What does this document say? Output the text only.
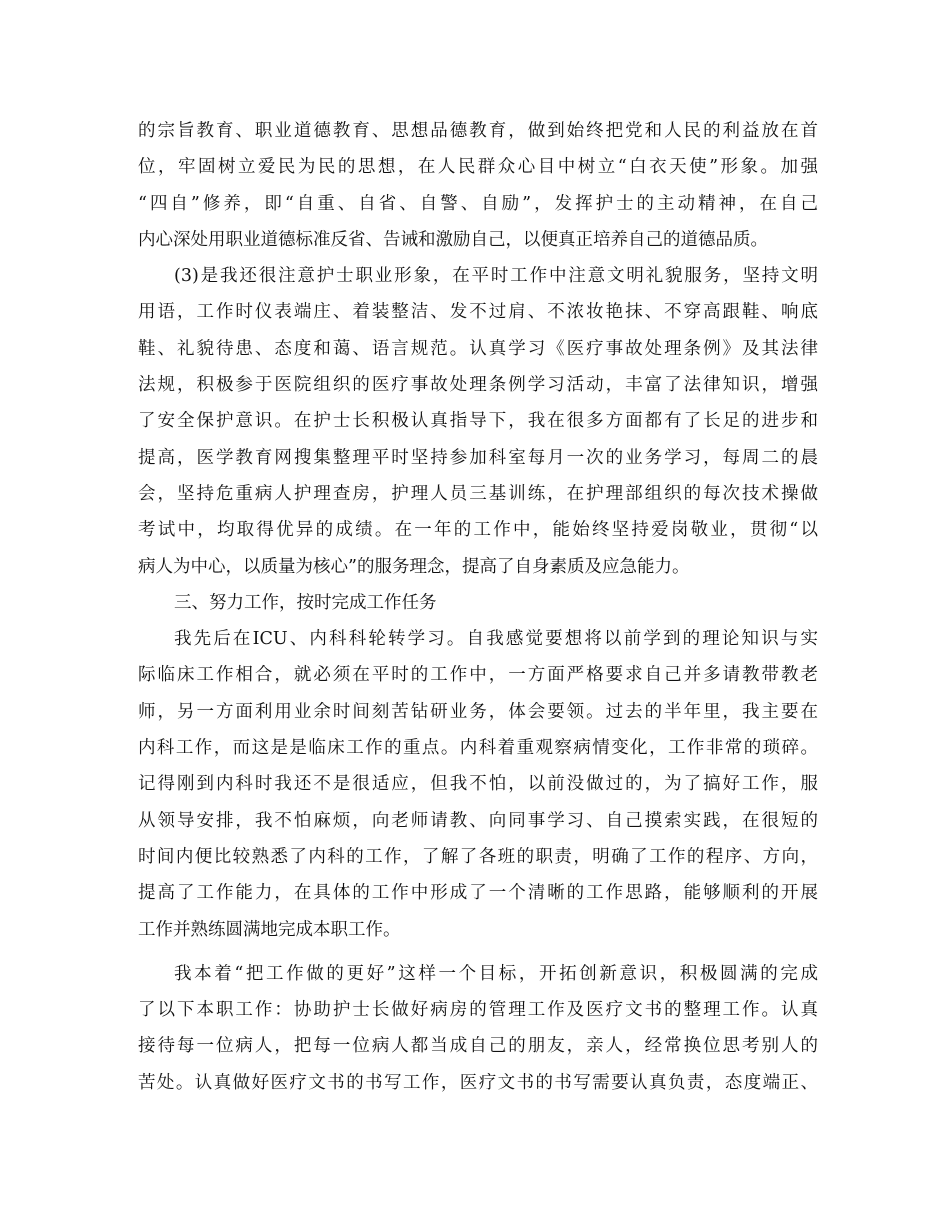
的宗旨教育、职业道德教育、思想品德教育，做到始终把党和人民的利益放在首
位，牢固树立爱民为民的思想，在人民群众心目中树立“白衣天使”形象。加强
“四自”修养，即“自重、自省、自警、自励”，发挥护士的主动精神，在自己
内心深处用职业道德标准反省、告诫和激励自己，以便真正培养自己的道德品质。
(3)是我还很注意护士职业形象，在平时工作中注意文明礼貌服务，坚持文明
用语，工作时仪表端庄、着装整洁、发不过肩、不浓妆艳抹、不穿高跟鞋、响底
鞋、礼貌待患、态度和蔼、语言规范。认真学习《医疗事故处理条例》及其法律
法规，积极参于医院组织的医疗事故处理条例学习活动，丰富了法律知识，增强
了安全保护意识。在护士长积极认真指导下，我在很多方面都有了长足的进步和
提高，医学教育网搜集整理平时坚持参加科室每月一次的业务学习，每周二的晨
会，坚持危重病人护理查房，护理人员三基训练，在护理部组织的每次技术操做
考试中，均取得优异的成绩。在一年的工作中，能始终坚持爱岗敬业，贯彻“以
病人为中心，以质量为核心”的服务理念，提高了自身素质及应急能力。
三、努力工作，按时完成工作任务
我先后在ICU、内科科轮转学习。自我感觉要想将以前学到的理论知识与实
际临床工作相合，就必须在平时的工作中，一方面严格要求自己并多请教带教老
师，另一方面利用业余时间刻苦钻研业务，体会要领。过去的半年里，我主要在
内科工作，而这是是临床工作的重点。内科着重观察病情变化，工作非常的琐碎。
记得刚到内科时我还不是很适应，但我不怕，以前没做过的，为了搞好工作，服
从领导安排，我不怕麻烦，向老师请教、向同事学习、自己摸索实践，在很短的
时间内便比较熟悉了内科的工作，了解了各班的职责，明确了工作的程序、方向，
提高了工作能力，在具体的工作中形成了一个清晰的工作思路，能够顺利的开展
工作并熟练圆满地完成本职工作。
我本着“把工作做的更好”这样一个目标，开拓创新意识，积极圆满的完成
了以下本职工作：协助护士长做好病房的管理工作及医疗文书的整理工作。认真
接待每一位病人，把每一位病人都当成自己的朋友，亲人，经常换位思考别人的
苦处。认真做好医疗文书的书写工作，医疗文书的书写需要认真负责，态度端正、
